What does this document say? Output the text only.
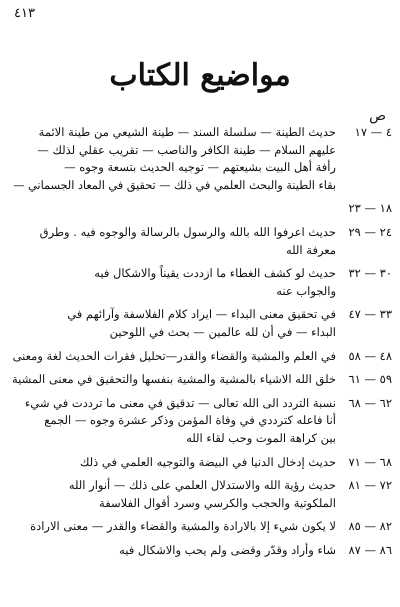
٤١٣
مواضيع الكتاب
ص
٤ — ١٧
حديث الطينة — سلسلة السند — طينة الشيعي من طينة الائمة
عليهم السلام — طينة الكافر والناصب — تقريب عقلي لذلك —
رأفة أهل البيت بشيعتهم — توجيه الحديث بتسعة وجوه —
بقاء الطينة والبحث العلمي في ذلك — تحقيق في المعاد الجسماني —
١٨ — ٢٣
٢٤ — ٢٩
حديث اعرفوا الله بالله والرسول بالرسالة والوجوه فيه . وطرق
معرفة الله
٣٠ — ٣٢
حديث لو كشف الغطاء ما ازددت يقيناً والاشكال فيه
والجواب عنه
٣٣ — ٤٧
في تحقيق معنى البداء — ايراد كلام الفلاسفة وآرائهم في
البداء — في أن لله عالمين — بحث في اللوحين
٤٨ — ٥٨
في العلم والمشية والقضاء والقدر—تحليل فقرات الحديث لغة ومعنى
٥٩ — ٦١
خلق الله الاشياء بالمشية والمشية بنفسها والتحقيق في معنى المشية
٦٢ — ٦٨
نسبة التردد الى الله تعالى — تدقيق في معنى ما ترددت في شيء
أنا فاعله كترددي في وفاة المؤمن وذكر عشرة وجوه — الجمع
بين كراهة الموت وحب لقاء الله
٦٨ — ٧١
حديث إدخال الدنيا في البيضة والتوجيه العلمي في ذلك
٧٢ — ٨١
حديث رؤية الله والاستدلال العلمي على ذلك — أنوار الله
الملكوتية والحجب والكرسي وسرد أقوال الفلاسفة
٨٢ — ٨٥
لا يكون شيء إلا بالارادة والمشية والقضاء والقدر — معنى الارادة
٨٦ — ٨٧
شاء وأراد وقدّر وقضى ولم يحب والاشكال فيه
